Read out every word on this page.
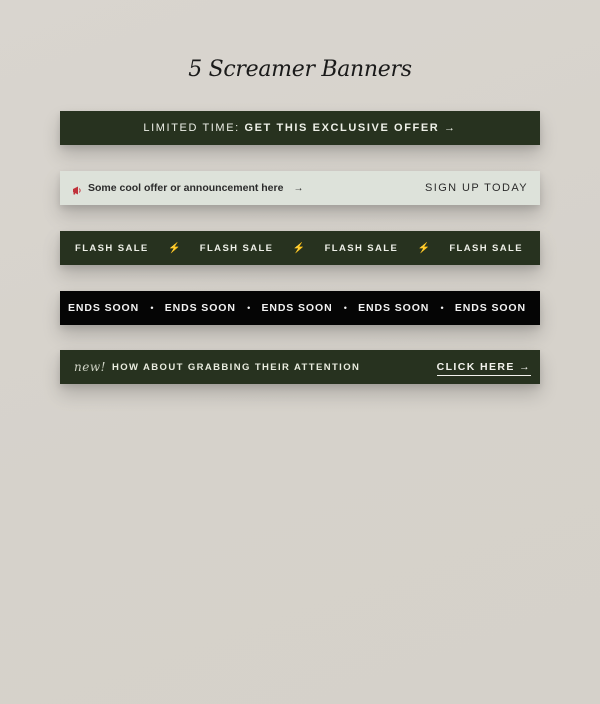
5 Screamer Banners
LIMITED TIME: GET THIS EXCLUSIVE OFFER →
Some cool offer or announcement here →	SIGN UP TODAY
FLASH SALE ⚡ FLASH SALE ⚡ FLASH SALE ⚡ FLASH SALE
ENDS SOON • ENDS SOON • ENDS SOON • ENDS SOON • ENDS SOON
new! HOW ABOUT GRABBING THEIR ATTENTION	CLICK HERE →
